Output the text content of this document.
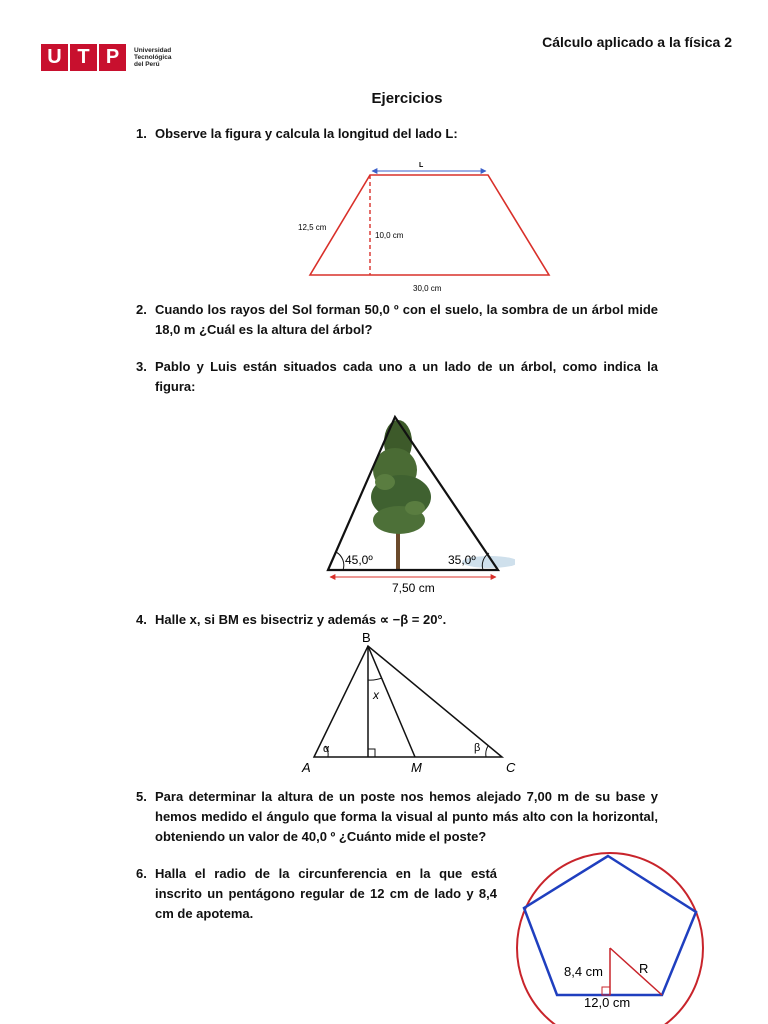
Cálculo aplicado a la física 2
U T P	Universidad
Tecnológica
del Perú
Ejercicios
1. Observe la figura y calcula la longitud del lado L:
L
12,5 cm
10,0 cm
30,0 cm
2. Cuando los rayos del Sol forman 50,0 º con el suelo, la sombra de un árbol mide 18,0 m ¿Cuál es la altura del árbol?
3. Pablo y Luis están situados cada uno a un lado de un árbol, como indica la figura:
45,0º	35,0º
7,50 cm
4. Halle x, si BM es bisectriz y además ∝ −β = 20°.
B
A	M	C
x
α	β
5. Para determinar la altura de un poste nos hemos alejado 7,00 m de su base y hemos medido el ángulo que forma la visual al punto más alto con la horizontal, obteniendo un valor de 40,0 º ¿Cuánto mide el poste?
6. Halla el radio de la circunferencia en la que está inscrito un pentágono regular de 12 cm de lado y 8,4 cm de apotema.
8,4 cm	R
12,0 cm
